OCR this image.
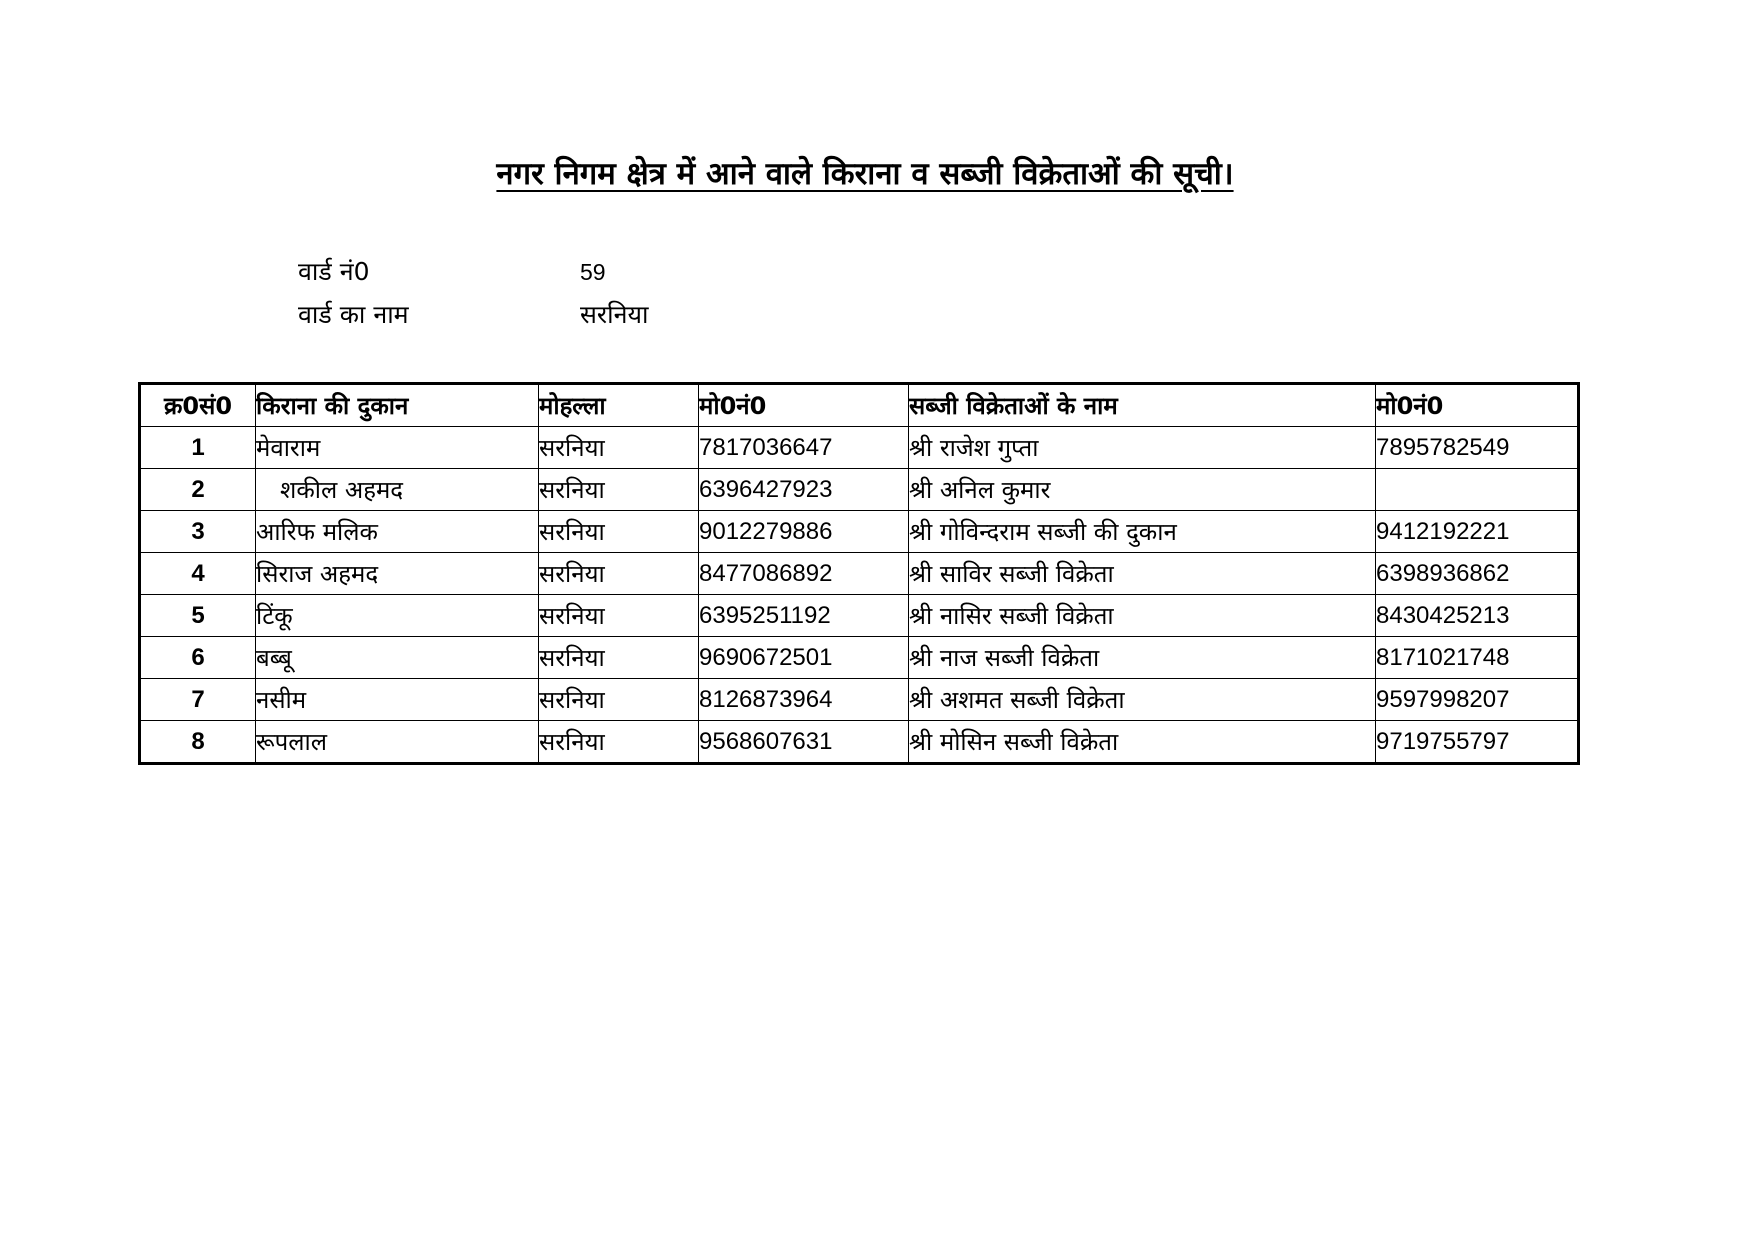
नगर निगम क्षेत्र में आने वाले किराना व सब्जी विक्रेताओं की सूची।
वार्ड नं0	59
वार्ड का नाम	सरनिया
क्र0सं0	किराना की दुकान	मोहल्ला	मो0नं0	सब्जी विक्रेताओं के नाम	मो0नं0
1	मेवाराम	सरनिया	7817036647	श्री राजेश गुप्ता	7895782549
2	शकील अहमद	सरनिया	6396427923	श्री अनिल कुमार	
3	आरिफ मलिक	सरनिया	9012279886	श्री गोविन्दराम सब्जी की दुकान	9412192221
4	सिराज अहमद	सरनिया	8477086892	श्री साविर सब्जी विक्रेता	6398936862
5	टिंकू	सरनिया	6395251192	श्री नासिर सब्जी विक्रेता	8430425213
6	बब्बू	सरनिया	9690672501	श्री नाज सब्जी विक्रेता	8171021748
7	नसीम	सरनिया	8126873964	श्री अशमत सब्जी विक्रेता	9597998207
8	रूपलाल	सरनिया	9568607631	श्री मोसिन सब्जी विक्रेता	9719755797
